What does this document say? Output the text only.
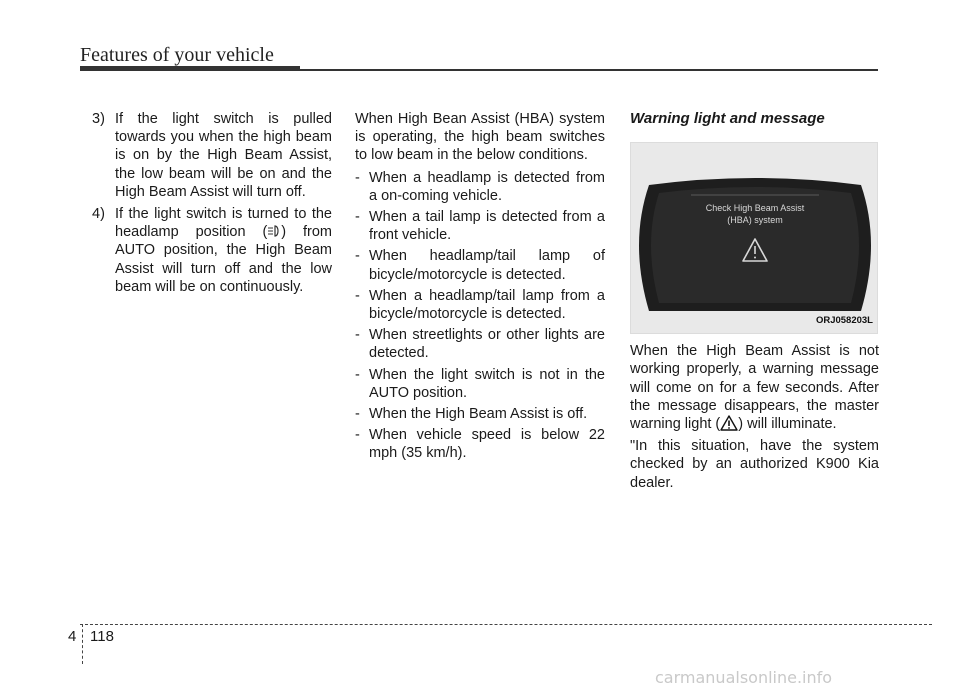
Features of your vehicle
3) If the light switch is pulled towards you when the high beam is on by the High Beam Assist, the low beam will be on and the High Beam Assist will turn off.
4) If the light switch is turned to the headlamp position ( ) from AUTO position, the High Beam Assist will turn off and the low beam will be on continuously.

When High Bean Assist (HBA) system is operating, the high beam switches to low beam in the below conditions.

- When a headlamp is detected from a on-coming vehicle.
- When a tail lamp is detected from a front vehicle.
- When headlamp/tail lamp of bicycle/motorcycle is detected.
- When a headlamp/tail lamp from a bicycle/motorcycle is detected.
- When streetlights or other lights are detected.
- When the light switch is not in the AUTO position.
- When the High Beam Assist is off.
- When vehicle speed is below 22 mph (35 km/h).
Warning light and message
Check High Beam Assist
(HBA) system
ORJ058203L

When the High Beam Assist is not working properly, a warning message will come on for a few seconds. After the message disappears, the master warning light ( ) will illuminate.

"In this situation, have the system checked by an authorized K900 Kia dealer.

4 118
carmanualsonline.info
